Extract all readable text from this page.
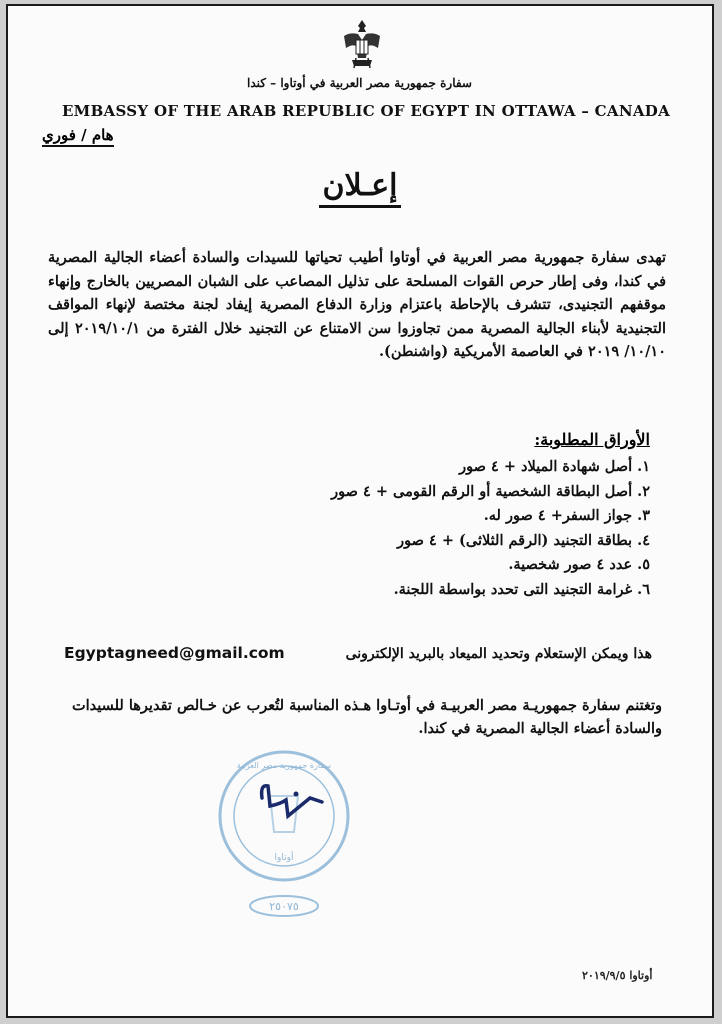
سفارة جمهورية مصر العربية في أوتاوا – كندا
EMBASSY OF THE ARAB REPUBLIC OF EGYPT IN OTTAWA – CANADA
هام / فوري
إعـلان
تهدى سفارة جمهورية مصر العربية في أوتاوا أطيب تحياتها للسيدات والسادة أعضاء الجالية المصرية في كندا، وفى إطار حرص القوات المسلحة على تذليل المصاعب على الشبان المصريين بالخارج وإنهاء موقفهم التجنيدى، تتشرف بالإحاطة باعتزام وزارة الدفاع المصرية إيفاد لجنة مختصة لإنهاء المواقف التجنيدية لأبناء الجالية المصرية ممن تجاوزوا سن الامتناع عن التجنيد خلال الفترة من ٢٠١٩/١٠/١ إلى ١٠/١٠/ ٢٠١٩ في العاصمة الأمريكية (واشنطن).
الأوراق المطلوبة:
١. أصل شهادة الميلاد + ٤ صور
٢. أصل البطاقة الشخصية أو الرقم القومى + ٤ صور
٣. جواز السفر+ ٤ صور له.
٤. بطاقة التجنيد (الرقم الثلاثى) + ٤ صور
٥. عدد ٤ صور شخصية.
٦. غرامة التجنيد التى تحدد بواسطة اللجنة.
Egyptagneed@gmail.com	هذا ويمكن الإستعلام وتحديد الميعاد بالبريد الإلكترونى
وتغتنم سفارة جمهوريـة مصر العربيـة في أوتـاوا هـذه المناسبة لتُعرب عن خـالص تقديرها للسيدات والسادة أعضاء الجالية المصرية في كندا.
سفارة جمهورية مصر العربية
أوتاوا
٢٥٠٧٥
أوتاوا ٢٠١٩/٩/٥
